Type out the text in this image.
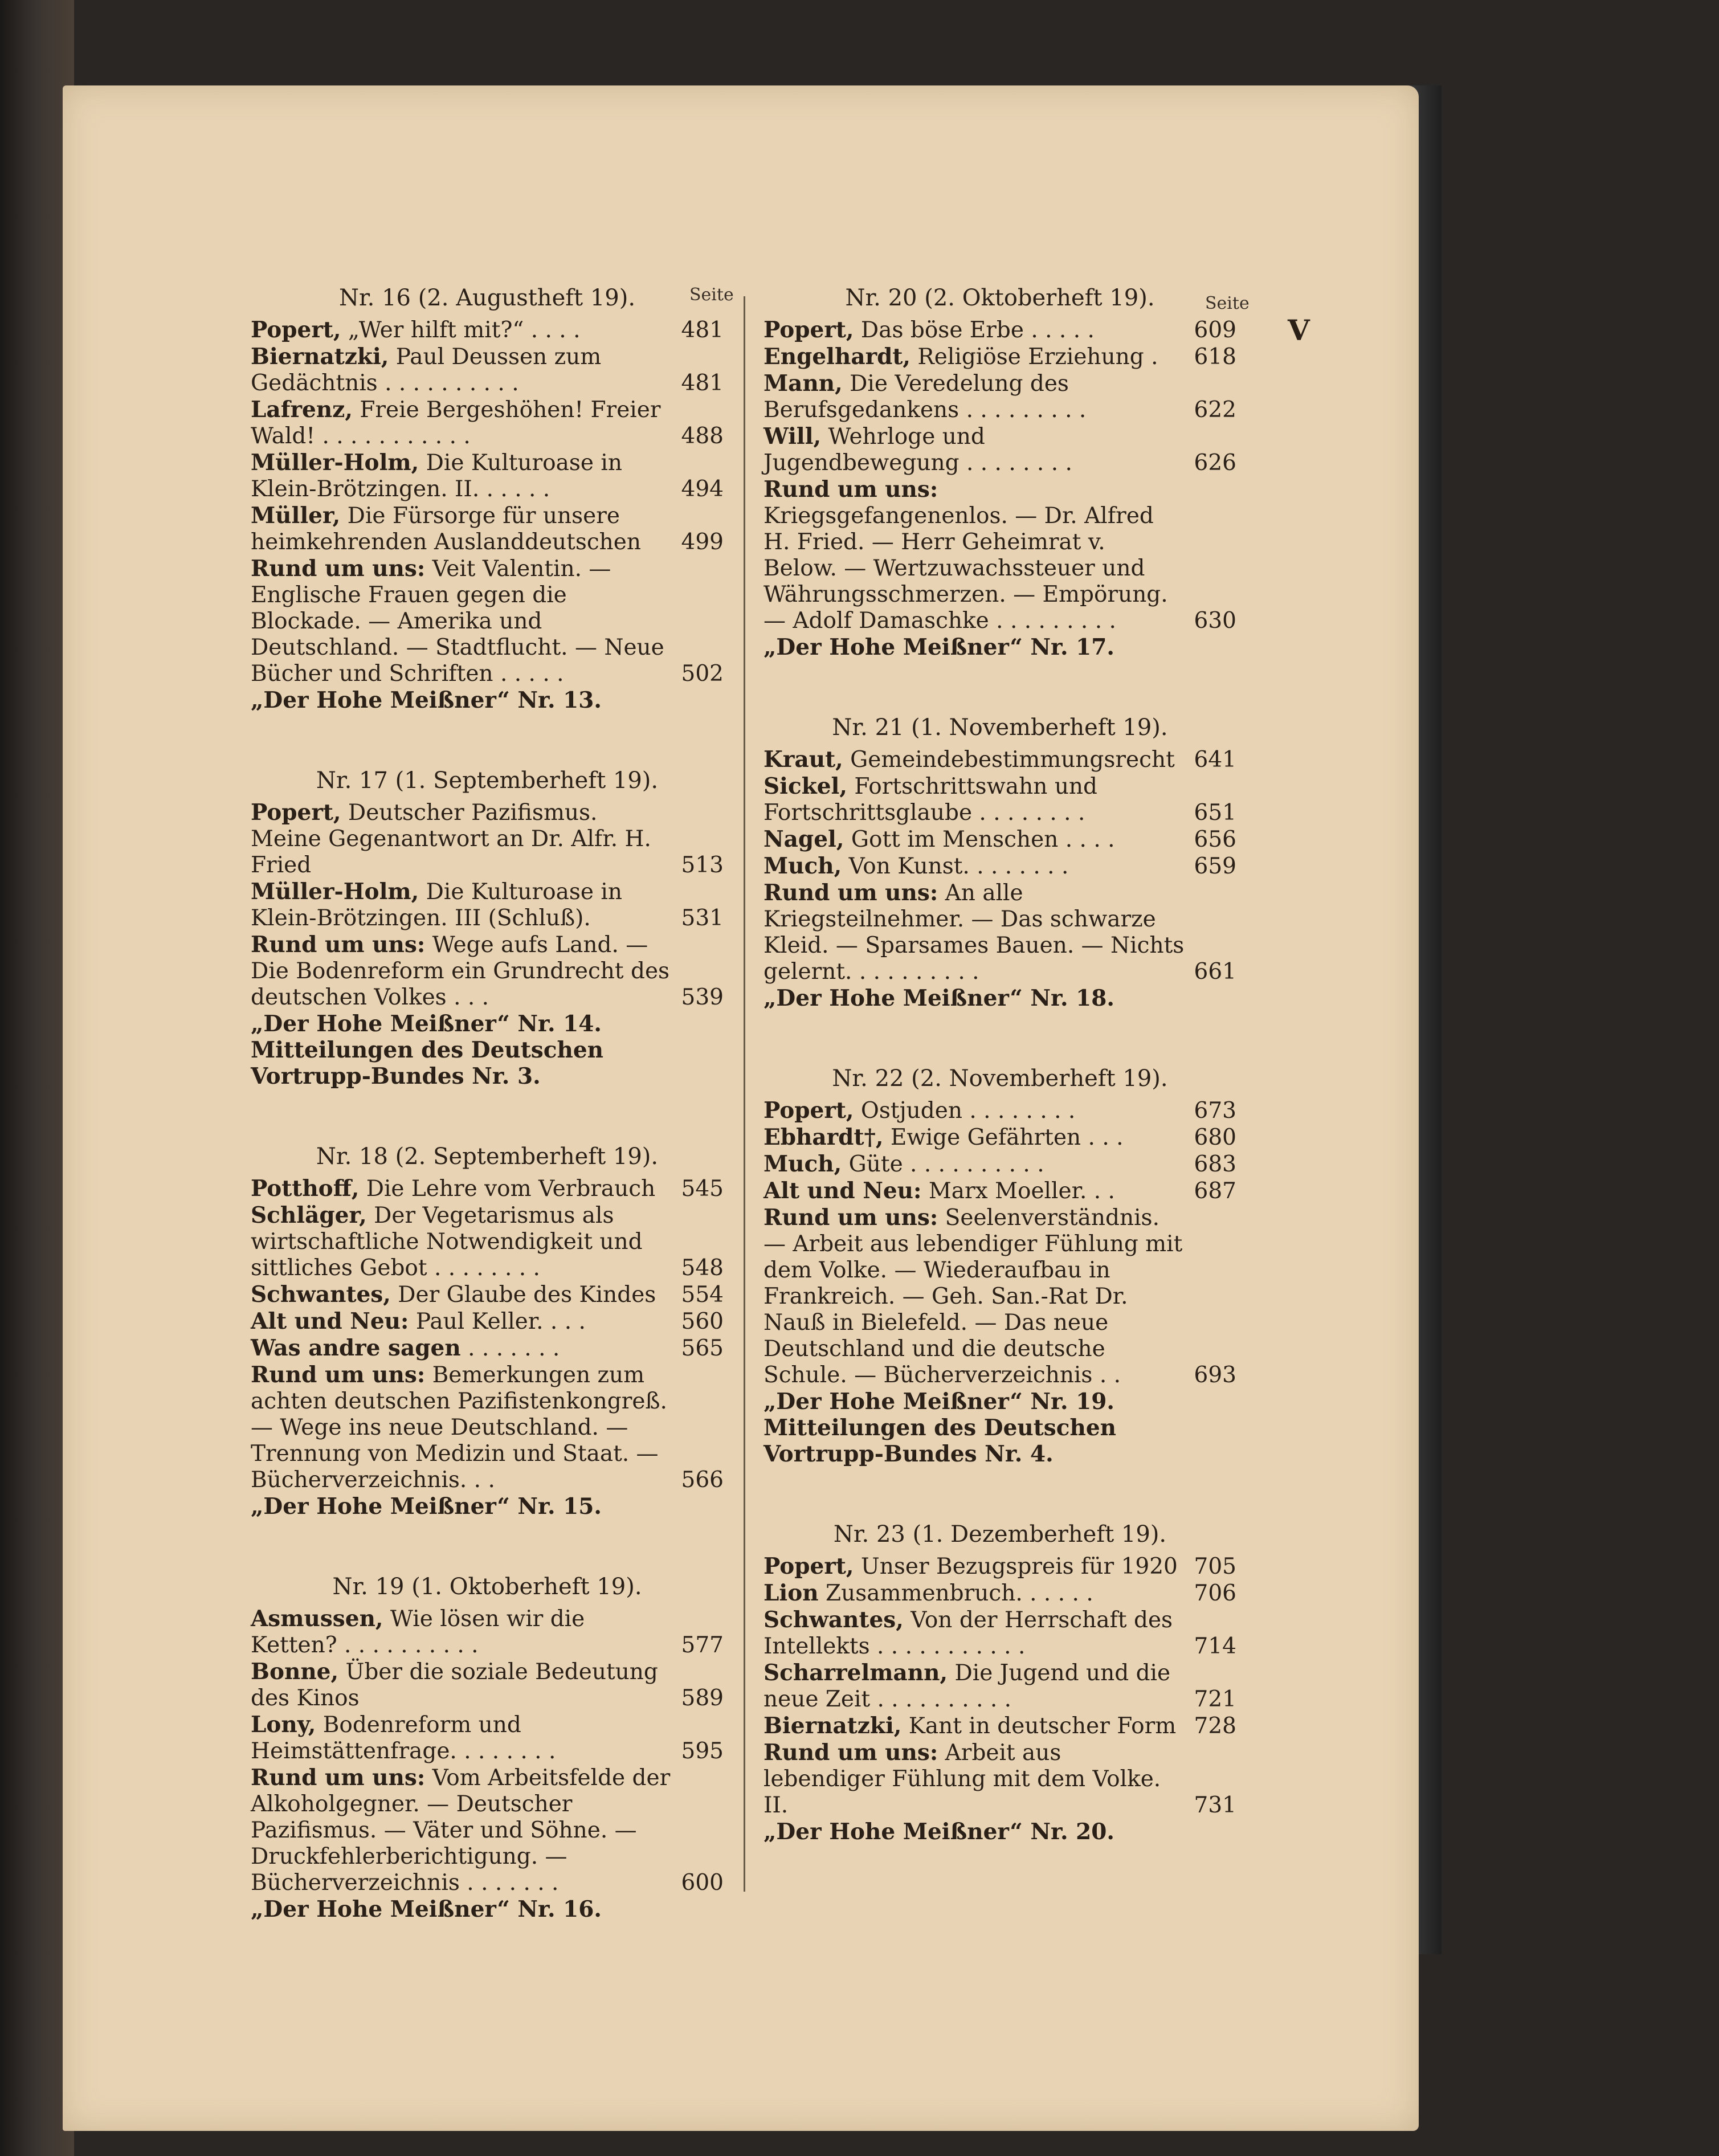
V
Seite	Seite
Nr. 16 (2. Augustheft 19).
Popert, „Wer hilft mit?“ . . . .	481
Biernatzki, Paul Deussen zum Gedächtnis . . . . . . . . . .	481
Lafrenz, Freie Bergeshöhen! Freier Wald! . . . . . . . . . . .	488
Müller-Holm, Die Kulturoase in Klein-Brötzingen. II. . . . . .	494
Müller, Die Fürsorge für unsere heimkehrenden Auslanddeutschen	499
Rund um uns: Veit Valentin. — Englische Frauen gegen die Blockade. — Amerika und Deutschland. — Stadtflucht. — Neue Bücher und Schriften . . . . .	502
„Der Hohe Meißner“ Nr. 13.
Nr. 17 (1. Septemberheft 19).
Popert, Deutscher Pazifismus. Meine Gegenantwort an Dr. Alfr. H. Fried	513
Müller-Holm, Die Kulturoase in Klein-Brötzingen. III (Schluß).	531
Rund um uns: Wege aufs Land. — Die Bodenreform ein Grundrecht des deutschen Volkes . . .	539
„Der Hohe Meißner“ Nr. 14.
Mitteilungen des Deutschen Vortrupp-Bundes Nr. 3.
Nr. 18 (2. Septemberheft 19).
Potthoff, Die Lehre vom Verbrauch	545
Schläger, Der Vegetarismus als wirtschaftliche Notwendigkeit und sittliches Gebot . . . . . . . .	548
Schwantes, Der Glaube des Kindes	554
Alt und Neu: Paul Keller. . . .	560
Was andre sagen . . . . . . .	565
Rund um uns: Bemerkungen zum achten deutschen Pazifistenkongreß. — Wege ins neue Deutschland. — Trennung von Medizin und Staat. — Bücherverzeichnis. . .	566
„Der Hohe Meißner“ Nr. 15.
Nr. 19 (1. Oktoberheft 19).
Asmussen, Wie lösen wir die Ketten? . . . . . . . . . .	577
Bonne, Über die soziale Bedeutung des Kinos	589
Lony, Bodenreform und Heimstättenfrage. . . . . . . .	595
Rund um uns: Vom Arbeitsfelde der Alkoholgegner. — Deutscher Pazifismus. — Väter und Söhne. — Druckfehlerberichtigung. — Bücherverzeichnis . . . . . . .	600
„Der Hohe Meißner“ Nr. 16.
Nr. 20 (2. Oktoberheft 19).
Popert, Das böse Erbe . . . . .	609
Engelhardt, Religiöse Erziehung .	618
Mann, Die Veredelung des Berufsgedankens . . . . . . . . .	622
Will, Wehrloge und Jugendbewegung . . . . . . . .	626
Rund um uns: Kriegsgefangenenlos. — Dr. Alfred H. Fried. — Herr Geheimrat v. Below. — Wertzuwachssteuer und Währungsschmerzen. — Empörung. — Adolf Damaschke . . . . . . . . .	630
„Der Hohe Meißner“ Nr. 17.
Nr. 21 (1. Novemberheft 19).
Kraut, Gemeindebestimmungsrecht 641
Sickel, Fortschrittswahn und Fortschrittsglaube . . . . . . . .	651
Nagel, Gott im Menschen . . . .	656
Much, Von Kunst. . . . . . . .	659
Rund um uns: An alle Kriegsteilnehmer. — Das schwarze Kleid. — Sparsames Bauen. — Nichts gelernt. . . . . . . . . .	661
„Der Hohe Meißner“ Nr. 18.
Nr. 22 (2. Novemberheft 19).
Popert, Ostjuden . . . . . . . .	673
Ebhardt†, Ewige Gefährten . . .	680
Much, Güte . . . . . . . . . .	683
Alt und Neu: Marx Moeller. . .	687
Rund um uns: Seelenverständnis. — Arbeit aus lebendiger Fühlung mit dem Volke. — Wiederaufbau in Frankreich. — Geh. San.-Rat Dr. Nauß in Bielefeld. — Das neue Deutschland und die deutsche Schule. — Bücherverzeichnis . .	693
„Der Hohe Meißner“ Nr. 19.
Mitteilungen des Deutschen Vortrupp-Bundes Nr. 4.
Nr. 23 (1. Dezemberheft 19).
Popert, Unser Bezugspreis für 1920 705
Lion Zusammenbruch. . . . . .	706
Schwantes, Von der Herrschaft des Intellekts . . . . . . . . . . .	714
Scharrelmann, Die Jugend und die neue Zeit . . . . . . . . . .	721
Biernatzki, Kant in deutscher Form 728
Rund um uns: Arbeit aus lebendiger Fühlung mit dem Volke. II.	731
„Der Hohe Meißner“ Nr. 20.
